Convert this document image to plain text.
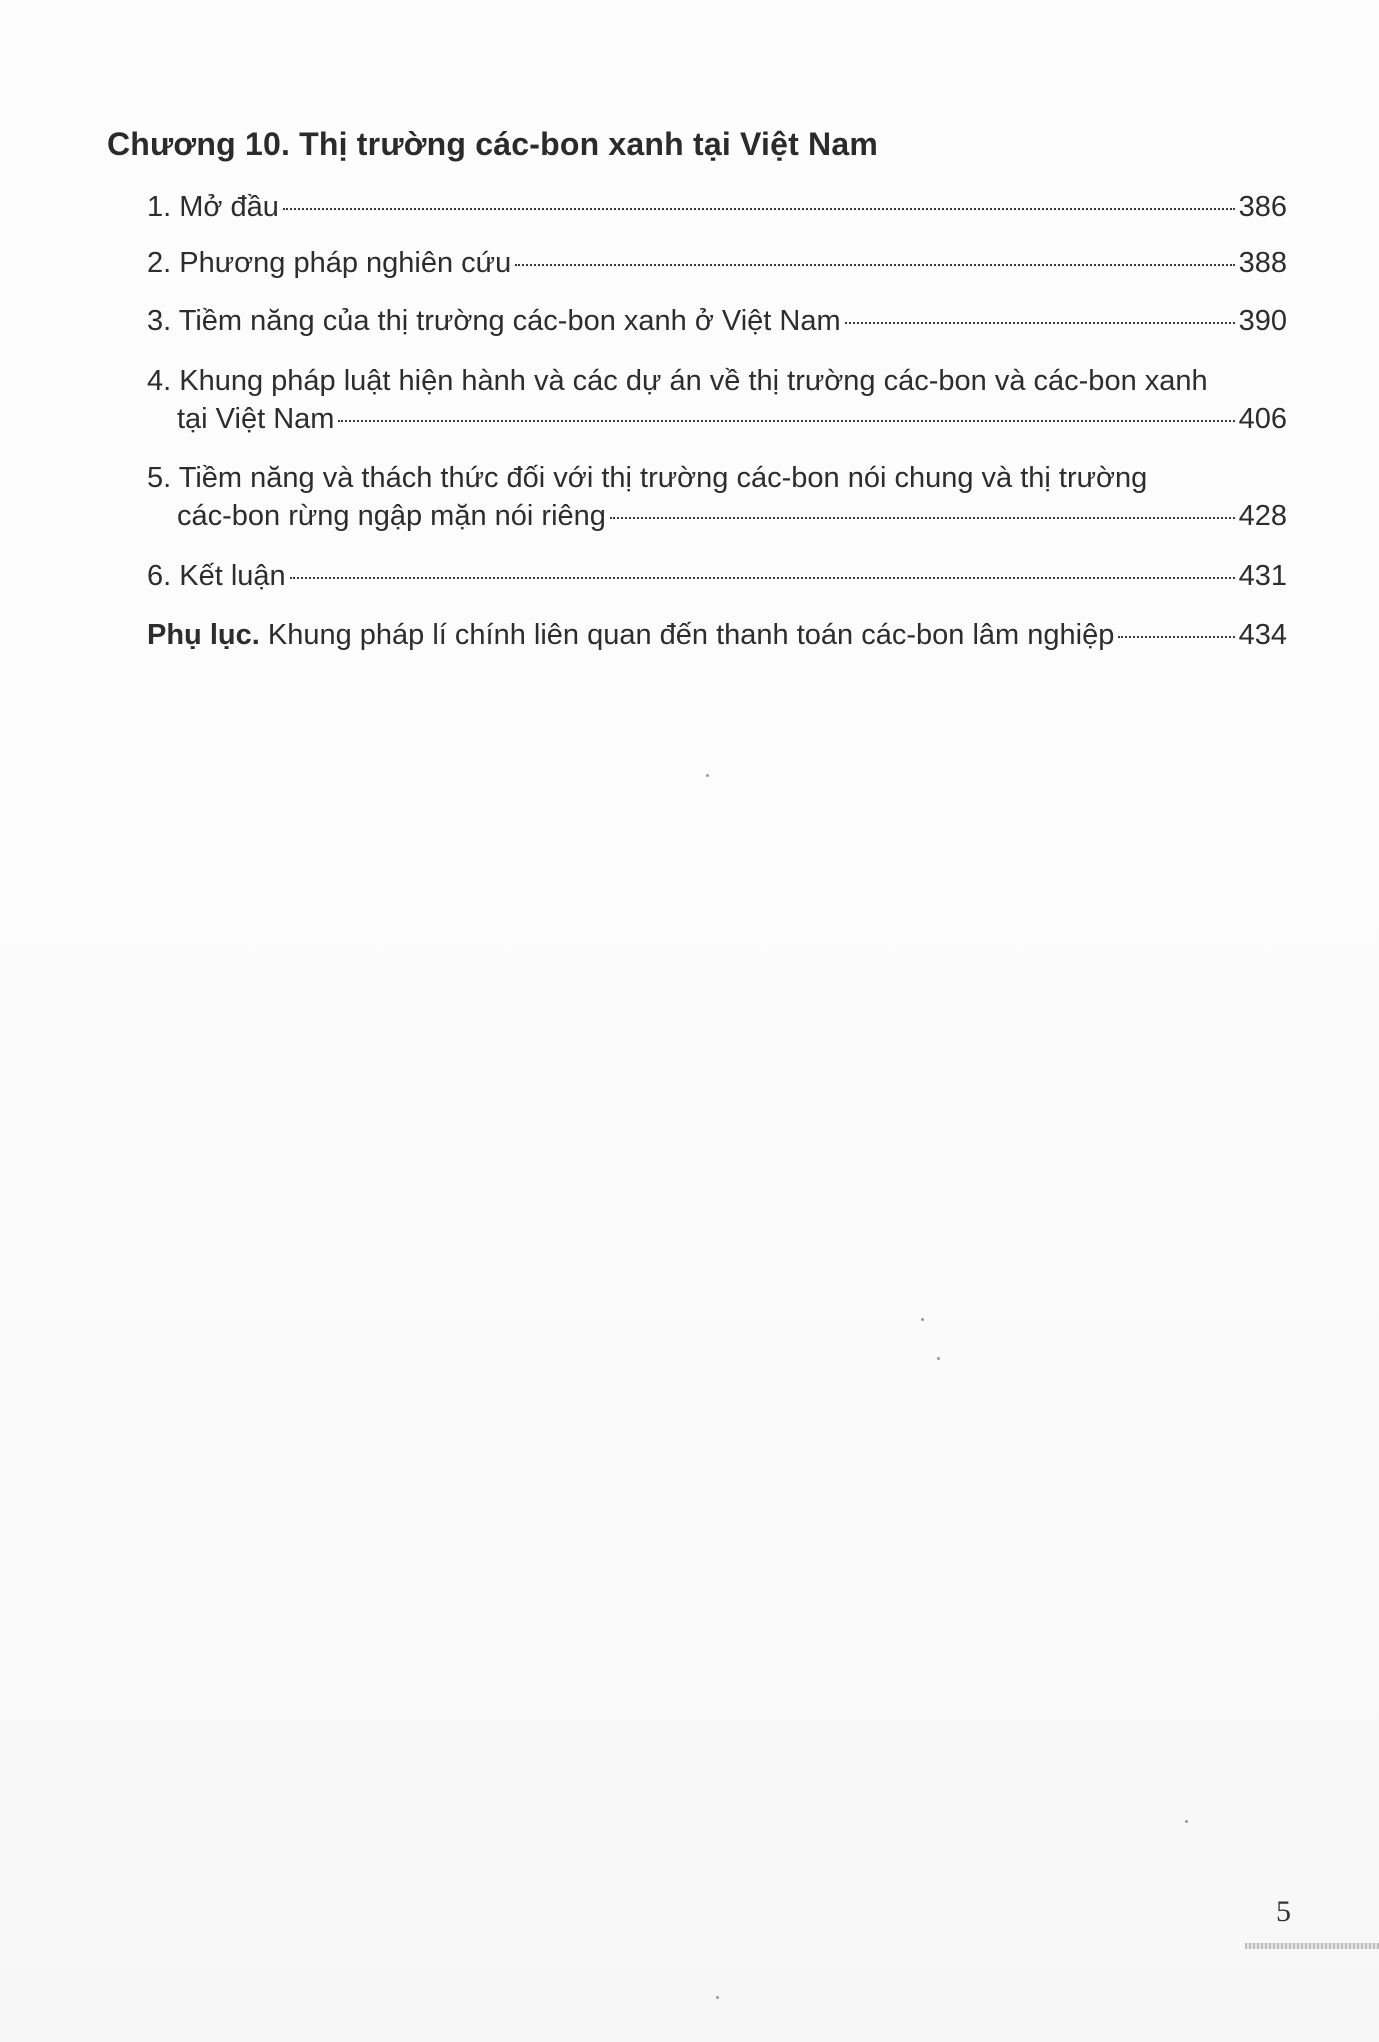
Chương 10. Thị trường các-bon xanh tại Việt Nam
1. Mở đầu	386
2. Phương pháp nghiên cứu	388
3. Tiềm năng của thị trường các-bon xanh ở Việt Nam	390
4. Khung pháp luật hiện hành và các dự án về thị trường các-bon và các-bon xanh
tại Việt Nam	406
5. Tiềm năng và thách thức đối với thị trường các-bon nói chung và thị trường
các-bon rừng ngập mặn nói riêng	428
6. Kết luận	431
Phụ lục. Khung pháp lí chính liên quan đến thanh toán các-bon lâm nghiệp	434
5
